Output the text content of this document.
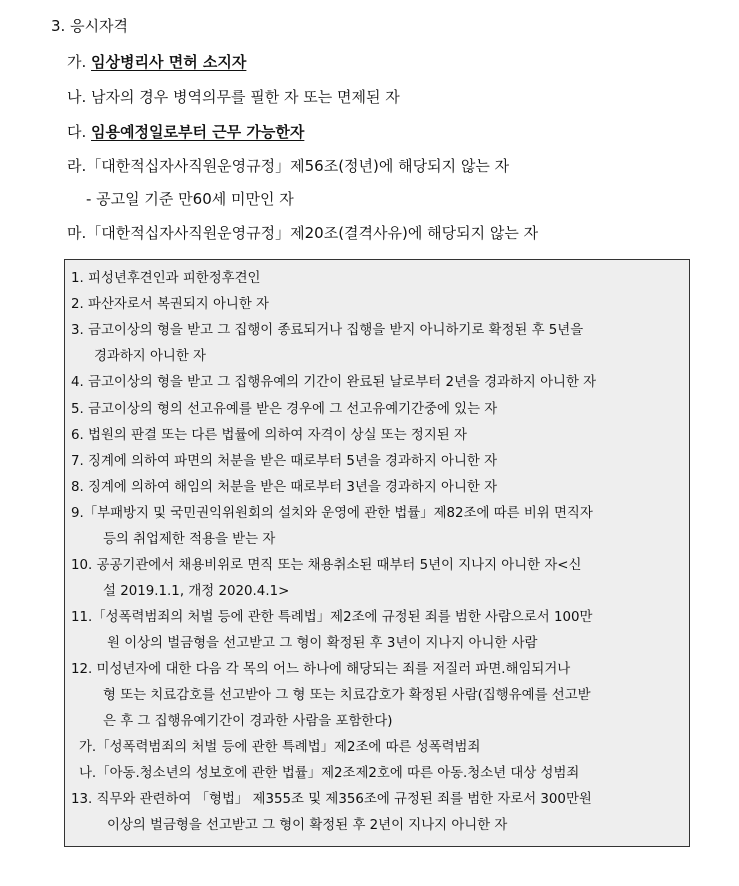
3. 응시자격
가. 임상병리사 면허 소지자
나. 남자의 경우 병역의무를 필한 자 또는 면제된 자
다. 임용예정일로부터 근무 가능한자
라.「대한적십자사직원운영규정」제56조(정년)에 해당되지 않는 자
- 공고일 기준 만60세 미만인 자
마.「대한적십자사직원운영규정」제20조(결격사유)에 해당되지 않는 자
1. 피성년후견인과 피한정후견인
2. 파산자로서 복권되지 아니한 자
3. 금고이상의 형을 받고 그 집행이 종료되거나 집행을 받지 아니하기로 확정된 후 5년을
경과하지 아니한 자
4. 금고이상의 형을 받고 그 집행유예의 기간이 완료된 날로부터 2년을 경과하지 아니한 자
5. 금고이상의 형의 선고유예를 받은 경우에 그 선고유예기간중에 있는 자
6. 법원의 판결 또는 다른 법률에 의하여 자격이 상실 또는 정지된 자
7. 징계에 의하여 파면의 처분을 받은 때로부터 5년을 경과하지 아니한 자
8. 징계에 의하여 해임의 처분을 받은 때로부터 3년을 경과하지 아니한 자
9.「부패방지 및 국민권익위원회의 설치와 운영에 관한 법률」제82조에 따른 비위 면직자
등의 취업제한 적용을 받는 자
10. 공공기관에서 채용비위로 면직 또는 채용취소된 때부터 5년이 지나지 아니한 자<신
설 2019.1.1, 개정 2020.4.1>
11.「성폭력범죄의 처벌 등에 관한 특례법」제2조에 규정된 죄를 범한 사람으로서 100만
원 이상의 벌금형을 선고받고 그 형이 확정된 후 3년이 지나지 아니한 사람
12. 미성년자에 대한 다음 각 목의 어느 하나에 해당되는 죄를 저질러 파면.해임되거나
형 또는 치료감호를 선고받아 그 형 또는 치료감호가 확정된 사람(집행유예를 선고받
은 후 그 집행유예기간이 경과한 사람을 포함한다)
가.「성폭력범죄의 처벌 등에 관한 특례법」제2조에 따른 성폭력범죄
나.「아동.청소년의 성보호에 관한 법률」제2조제2호에 따른 아동.청소년 대상 성범죄
13. 직무와 관련하여 「형법」 제355조 및 제356조에 규정된 죄를 범한 자로서 300만원
이상의 벌금형을 선고받고 그 형이 확정된 후 2년이 지나지 아니한 자
